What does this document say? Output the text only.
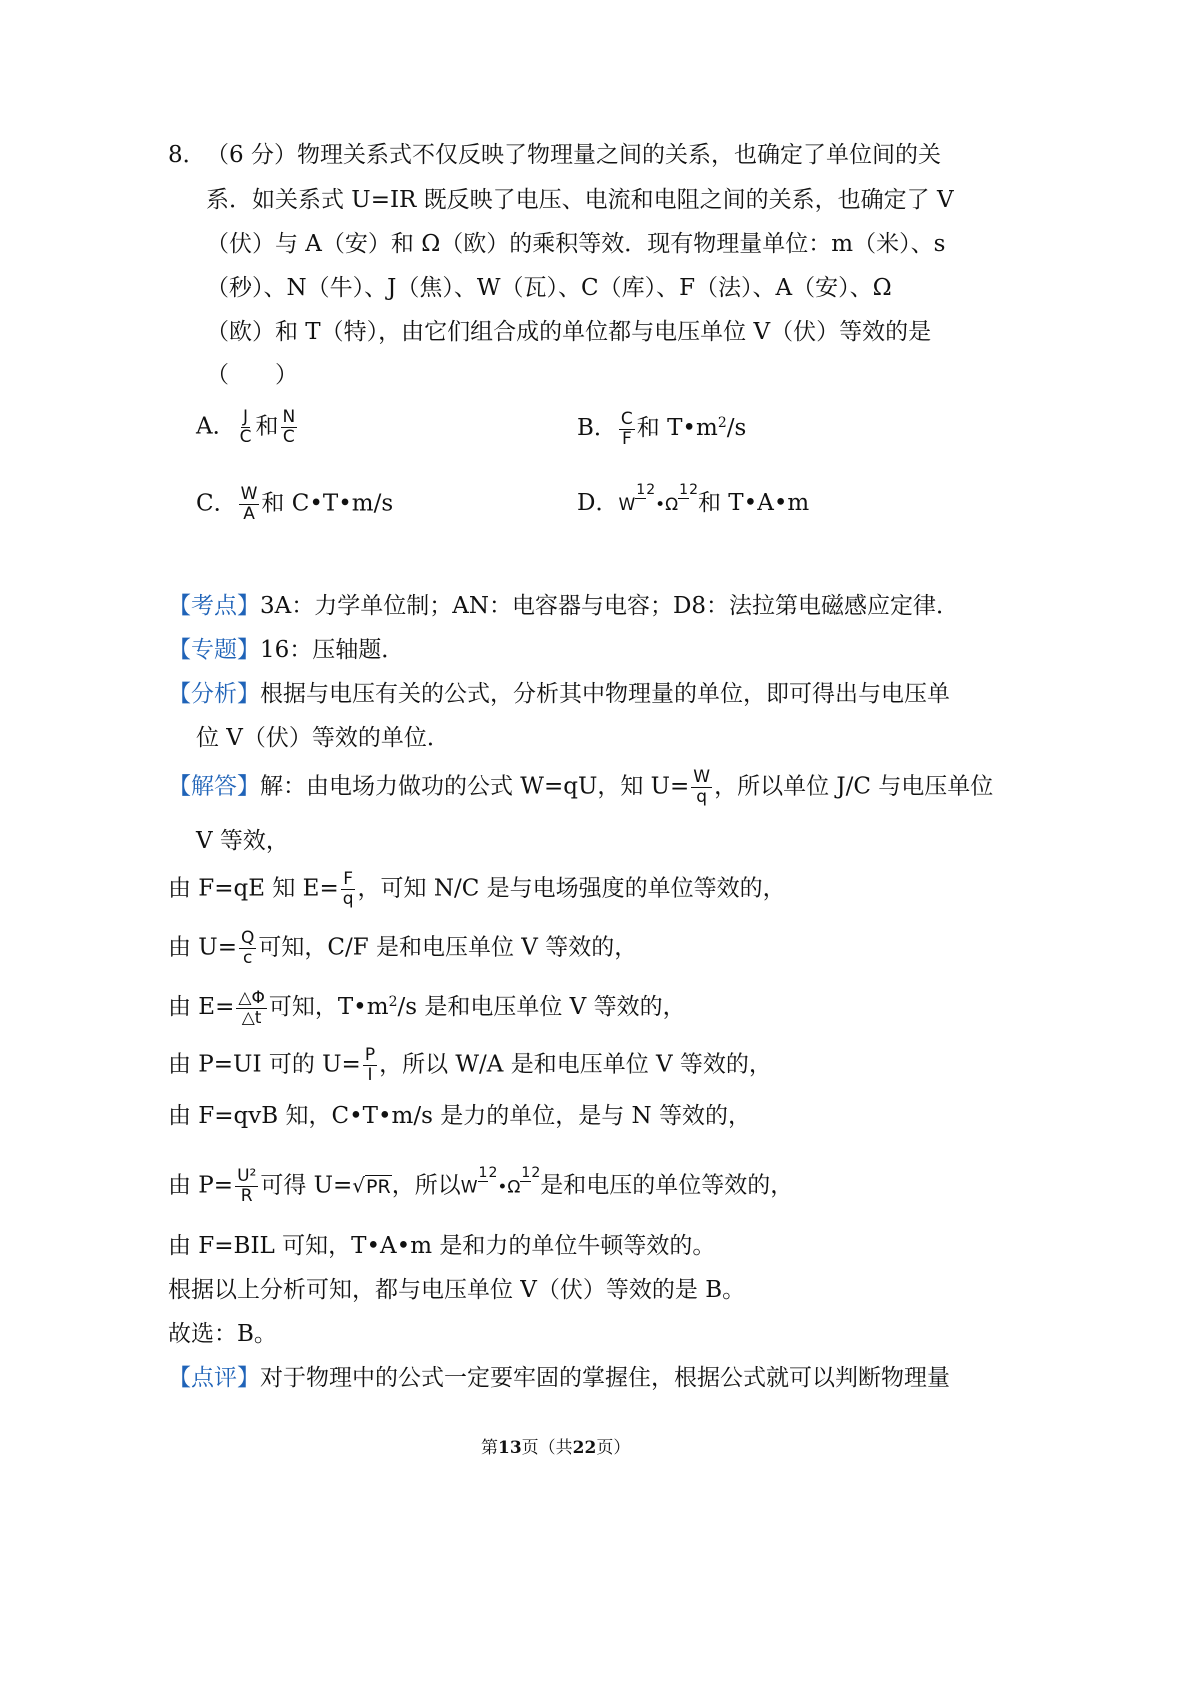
8． （6 分）物理关系式不仅反映了物理量之间的关系，也确定了单位间的关
系．如关系式 U=IR 既反映了电压、电流和电阻之间的关系，也确定了 V
（伏）与 A（安）和 Ω（欧）的乘积等效．现有物理量单位：m（米）、s
（秒）、N（牛）、J（焦）、W（瓦）、C（库）、F（法）、A（安）、Ω
（欧）和 T（特），由它们组合成的单位都与电压单位 V（伏）等效的是
（　　）
A． $\frac{J}{C}$ 和 $\frac{N}{C}$	B． $\frac{C}{F}$ 和 $T•m^2/s$
C． $\frac{W}{A}$ 和 C•T•m/s	D．W12•Ω12和 T•A•m
【考点】3A：力学单位制；AN：电容器与电容；D8：法拉第电磁感应定律．
【专题】16：压轴题．
【分析】根据与电压有关的公式，分析其中物理量的单位，即可得出与电压单
位 V（伏）等效的单位．
【解答】解：由电场力做功的公式 W=qU，知 $U= \frac{W}{q}$ ，所以单位 J/C 与电压单位
V 等效，
由 F=qE 知 $E= \frac{F}{q}$ ，可知 N/C 是与电场强度的单位等效的，
由 $U= \frac{Q}{c}$ 可知，C/F 是和电压单位 V 等效的，
由 $E= \frac{\triangle\Phi}{\triangle t}$ 可知，$T•m^2/s$ 是和电压单位 V 等效的，
由 P=UI 可的 $U= \frac{P}{I}$ ，所以 W/A 是和电压单位 V 等效的，
由 F=qvB 知，C•T•m/s 是力的单位，是与 N 等效的，
由 $P= \frac{\text{U²}}{R}$ 可得 U=√PR，所以W12•Ω12是和电压的单位等效的，
由 F=BIL 可知，T•A•m 是和力的单位牛顿等效的。
根据以上分析可知，都与电压单位 V（伏）等效的是 B。
故选：B。
【点评】对于物理中的公式一定要牢固的掌握住，根据公式就可以判断物理量
第13页（共22页）
